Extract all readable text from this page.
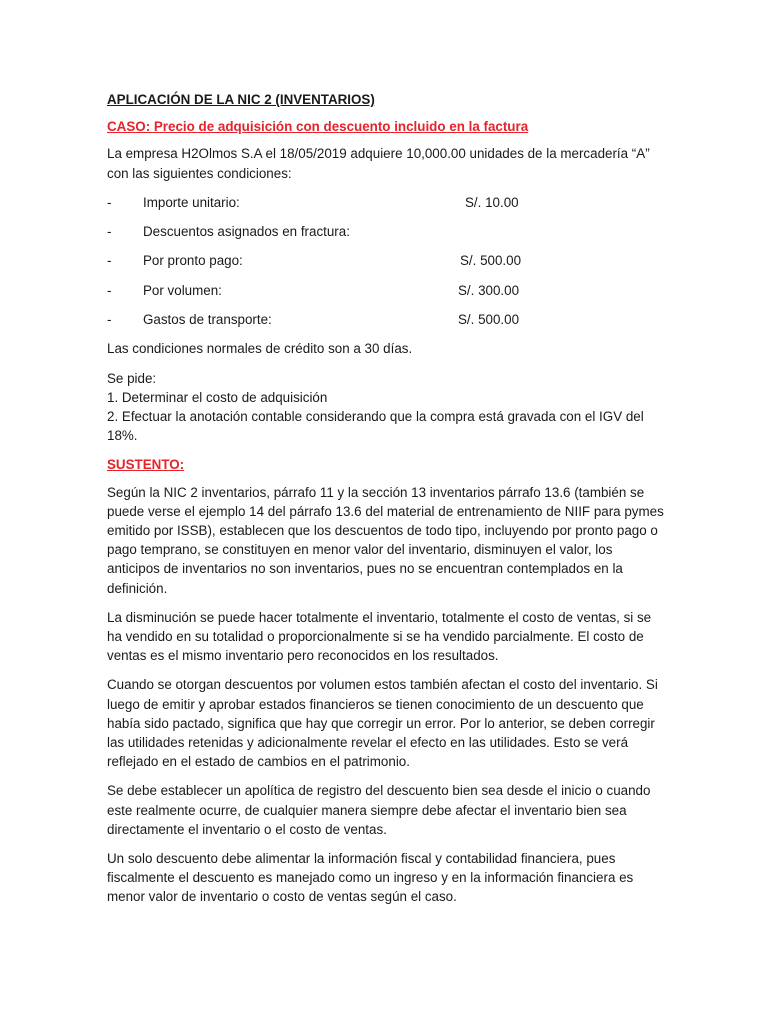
APLICACIÓN DE LA NIC 2 (INVENTARIOS)
CASO: Precio de adquisición con descuento incluido en la factura

La empresa H2Olmos S.A el 18/05/2019 adquiere 10,000.00 unidades de la mercadería “A” con las siguientes condiciones:

- Importe unitario:	S/. 10.00
- Descuentos asignados en fractura:
- Por pronto pago:	S/. 500.00
- Por volumen:	S/. 300.00
- Gastos de transporte:	S/. 500.00

Las condiciones normales de crédito son a 30 días.

Se pide:
1. Determinar el costo de adquisición
2. Efectuar la anotación contable considerando que la compra está gravada con el IGV del 18%.
SUSTENTO:

Según la NIC 2 inventarios, párrafo 11 y la sección 13 inventarios párrafo 13.6 (también se puede verse el ejemplo 14 del párrafo 13.6 del material de entrenamiento de NIIF para pymes emitido por ISSB), establecen que los descuentos de todo tipo, incluyendo por pronto pago o pago temprano, se constituyen en menor valor del inventario, disminuyen el valor, los anticipos de inventarios no son inventarios, pues no se encuentran contemplados en la definición.

La disminución se puede hacer totalmente el inventario, totalmente el costo de ventas, si se ha vendido en su totalidad o proporcionalmente si se ha vendido parcialmente. El costo de ventas es el mismo inventario pero reconocidos en los resultados.

Cuando se otorgan descuentos por volumen estos también afectan el costo del inventario. Si luego de emitir y aprobar estados financieros se tienen conocimiento de un descuento que había sido pactado, significa que hay que corregir un error. Por lo anterior, se deben corregir las utilidades retenidas y adicionalmente revelar el efecto en las utilidades. Esto se verá reflejado en el estado de cambios en el patrimonio.

Se debe establecer un apolítica de registro del descuento bien sea desde el inicio o cuando este realmente ocurre, de cualquier manera siempre debe afectar el inventario bien sea directamente el inventario o el costo de ventas.

Un solo descuento debe alimentar la información fiscal y contabilidad financiera, pues fiscalmente el descuento es manejado como un ingreso y en la información financiera es menor valor de inventario o costo de ventas según el caso.
